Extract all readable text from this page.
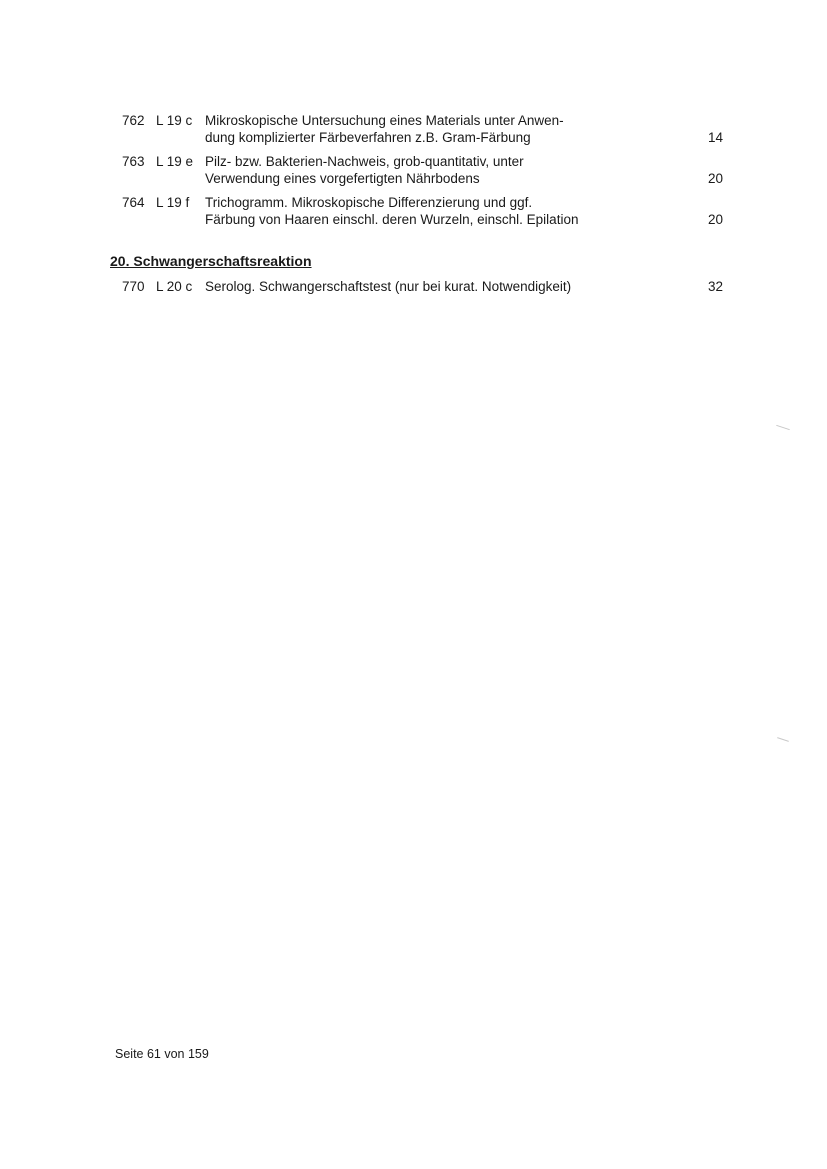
762 L 19 c Mikroskopische Untersuchung eines Materials unter Anwen-
dung komplizierter Färbeverfahren z.B. Gram-Färbung	14
763 L 19 e Pilz- bzw. Bakterien-Nachweis, grob-quantitativ, unter
Verwendung eines vorgefertigten Nährbodens	20
764 L 19 f Trichogramm. Mikroskopische Differenzierung und ggf.
Färbung von Haaren einschl. deren Wurzeln, einschl. Epilation	20
20. Schwangerschaftsreaktion
770 L 20 c Serolog. Schwangerschaftstest (nur bei kurat. Notwendigkeit)	32
Seite 61 von 159
